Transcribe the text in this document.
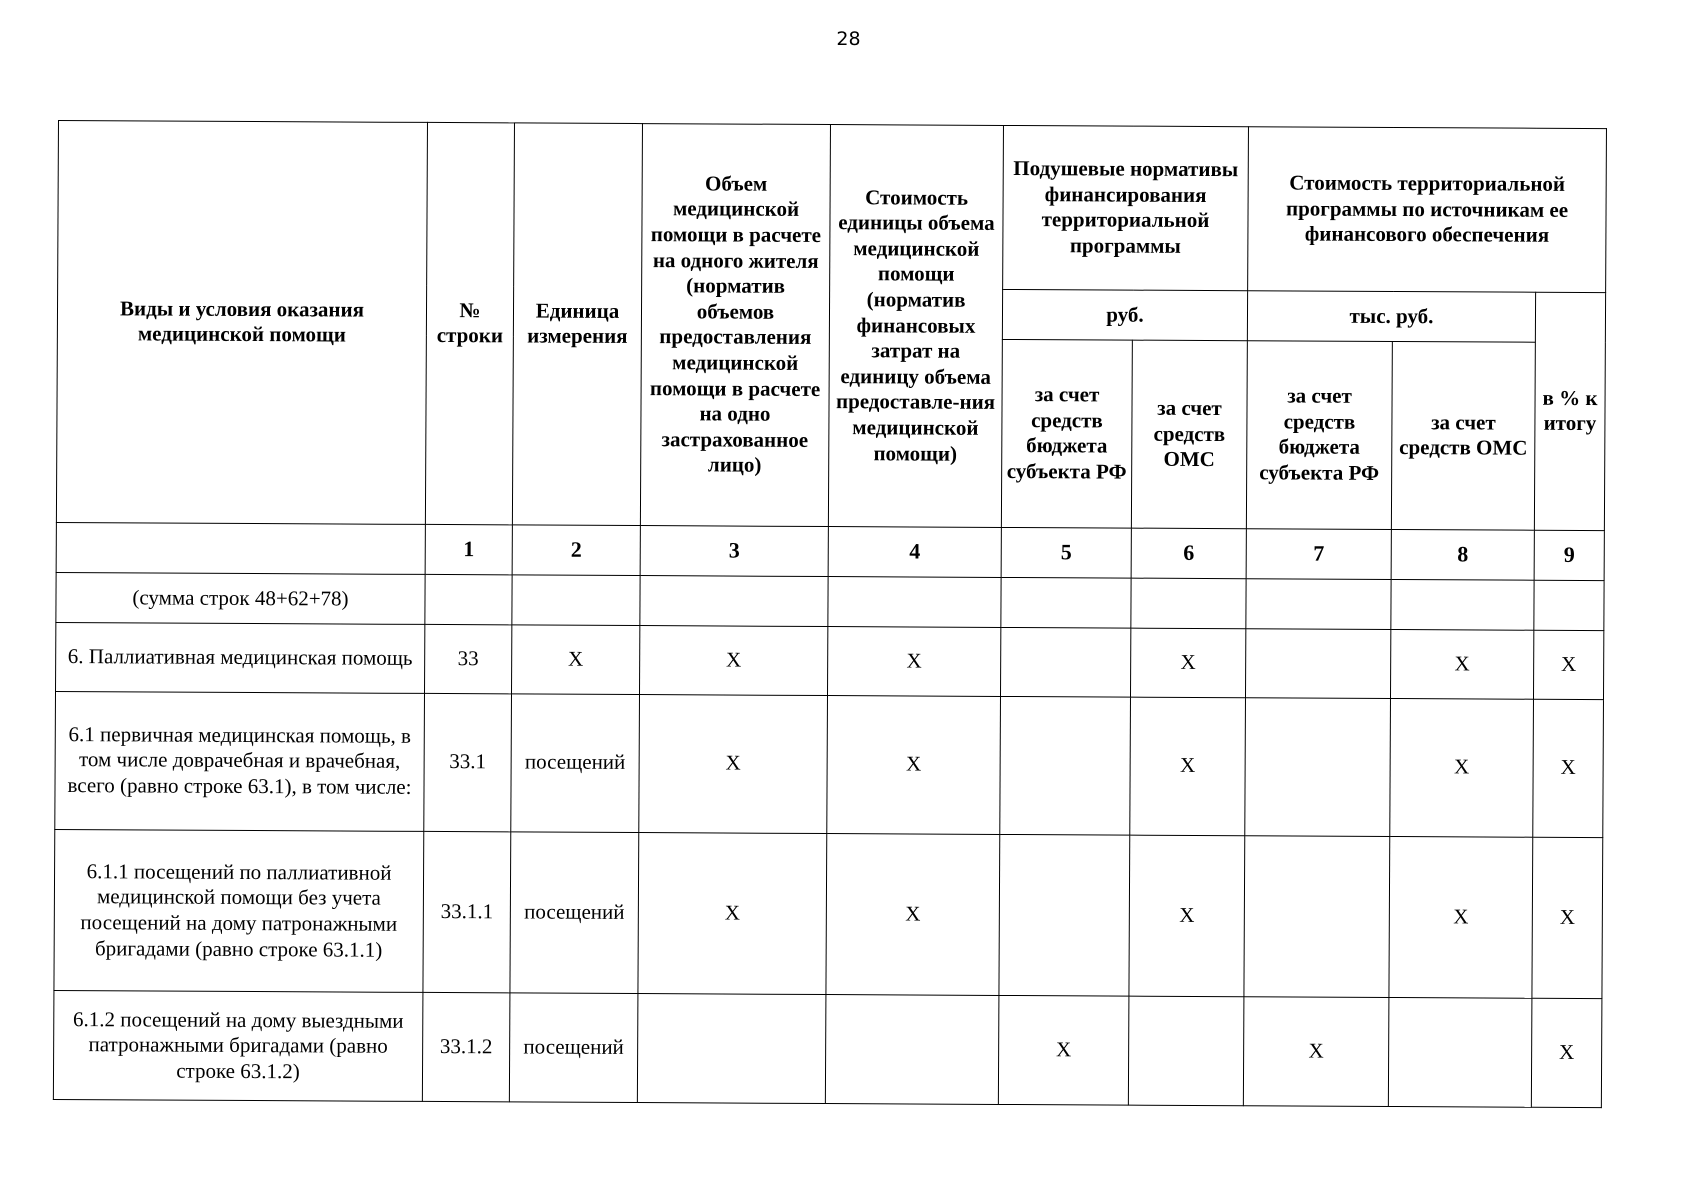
28
Виды и условия оказания медицинской помощи	№ строки	Единица измерения	Объем медицинской помощи в расчете на одного жителя (норматив объемов предоставления медицинской помощи в расчете на одно застрахованное лицо)	Стоимость единицы объема медицинской помощи (норматив финансовых затрат на единицу объема предоставле-ния медицинской помощи)	Подушевые нормативы финансирования территориальной программы		Стоимость территориальной программы по источникам ее финансового обеспечения		
					руб.		тыс. руб.		в % к итогу
					за счет средств бюджета субъекта РФ	за счет средств ОМС	за счет средств бюджета субъекта РФ	за счет средств ОМС	
	1	2	3	4	5	6	7	8	9
(сумма строк 48+62+78)									
6. Паллиативная медицинская помощь	33	X	X	X		X		X	X
6.1 первичная медицинская помощь, в том числе доврачебная и врачебная, всего (равно строке 63.1), в том числе:	33.1	посещений	X	X		X		X	X
6.1.1 посещений по паллиативной медицинской помощи без учета посещений на дому патронажными бригадами (равно строке 63.1.1)	33.1.1	посещений	X	X		X		X	X
6.1.2 посещений на дому выездными патронажными бригадами (равно строке 63.1.2)	33.1.2	посещений			X		X		X
